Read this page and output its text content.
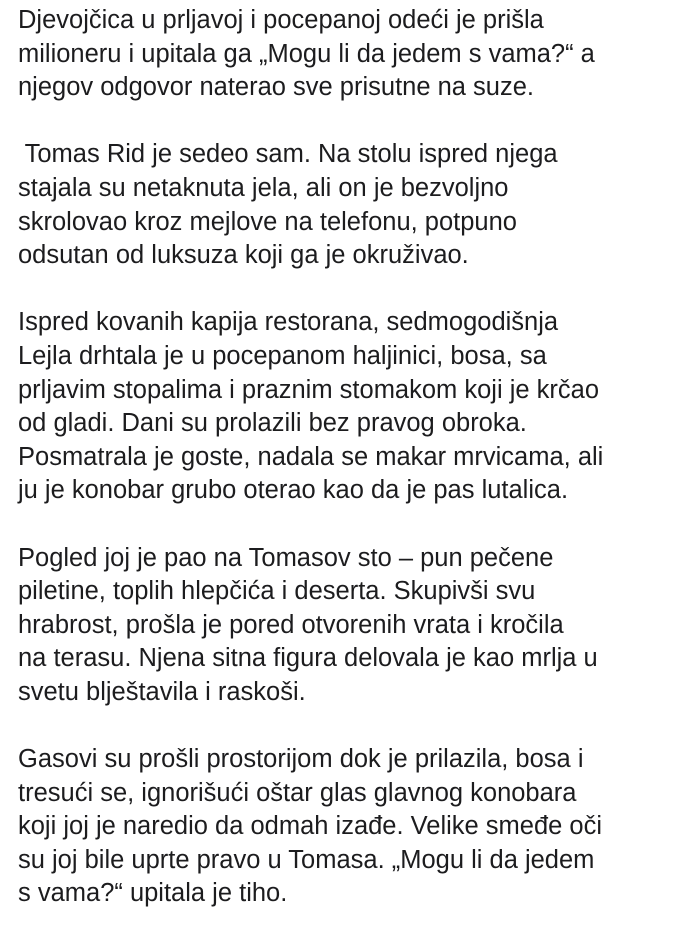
Djevojčica u prljavoj i pocepanoj odeći je prišla
milioneru i upitala ga „Mogu li da jedem s vama?“ a
njegov odgovor naterao sve prisutne na suze.

Tomas Rid je sedeo sam. Na stolu ispred njega
stajala su netaknuta jela, ali on je bezvoljno
skrolovao kroz mejlove na telefonu, potpuno
odsutan od luksuza koji ga je okruživao.

Ispred kovanih kapija restorana, sedmogodišnja
Lejla drhtala je u pocepanom haljinici, bosa, sa
prljavim stopalima i praznim stomakom koji je krčao
od gladi. Dani su prolazili bez pravog obroka.
Posmatrala je goste, nadala se makar mrvicama, ali
ju je konobar grubo oterao kao da je pas lutalica.

Pogled joj je pao na Tomasov sto – pun pečene
piletine, toplih hlepčića i deserta. Skupivši svu
hrabrost, prošla je pored otvorenih vrata i kročila
na terasu. Njena sitna figura delovala je kao mrlja u
svetu blještavila i raskoši.

Gasovi su prošli prostorijom dok je prilazila, bosa i
tresući se, ignorišući oštar glas glavnog konobara
koji joj je naredio da odmah izađe. Velike smeđe oči
su joj bile uprte pravo u Tomasa. „Mogu li da jedem
s vama?“ upitala je tiho.
